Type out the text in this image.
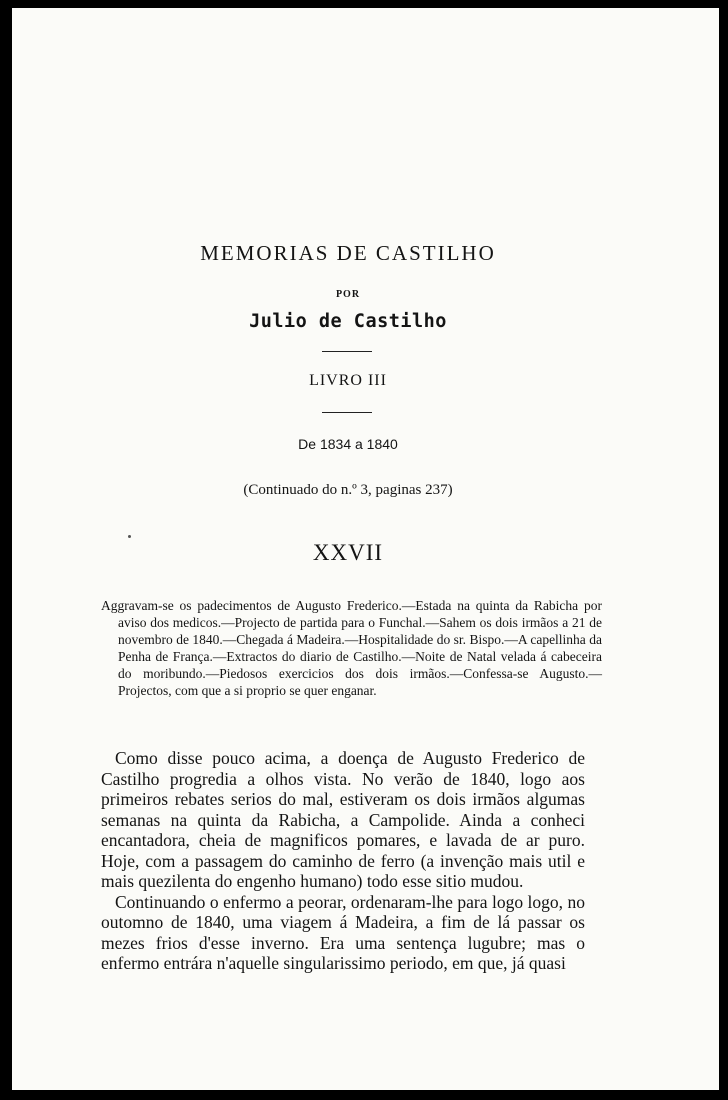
MEMORIAS DE CASTILHO
POR
Julio de Castilho
LIVRO III
De 1834 a 1840
(Continuado do n.º 3, paginas 237)
XXVII
Aggravam-se os padecimentos de Augusto Frederico.—Estada na quinta da Rabicha por aviso dos medicos.—Projecto de partida para o Funchal.—Sahem os dois irmãos a 21 de novembro de 1840.—Chegada á Madeira.—Hospitalidade do sr. Bispo.—A capellinha da Penha de França.—Extractos do diario de Castilho.—Noite de Natal velada á cabeceira do moribundo.—Piedosos exercicios dos dois irmãos.—Confessa-se Augusto.—Projectos, com que a si proprio se quer enganar.

Como disse pouco acima, a doença de Augusto Frederico de Castilho progredia a olhos vista. No verão de 1840, logo aos primeiros rebates serios do mal, estiveram os dois irmãos algumas semanas na quinta da Rabicha, a Campolide. Ainda a conheci encantadora, cheia de magnificos pomares, e lavada de ar puro. Hoje, com a passagem do caminho de ferro (a invenção mais util e mais quezilenta do engenho humano) todo esse sitio mudou.

Continuando o enfermo a peorar, ordenaram-lhe para logo logo, no outomno de 1840, uma viagem á Madeira, a fim de lá passar os mezes frios d'esse inverno. Era uma sentença lugubre; mas o enfermo entrára n'aquelle singularissimo periodo, em que, já quasi
